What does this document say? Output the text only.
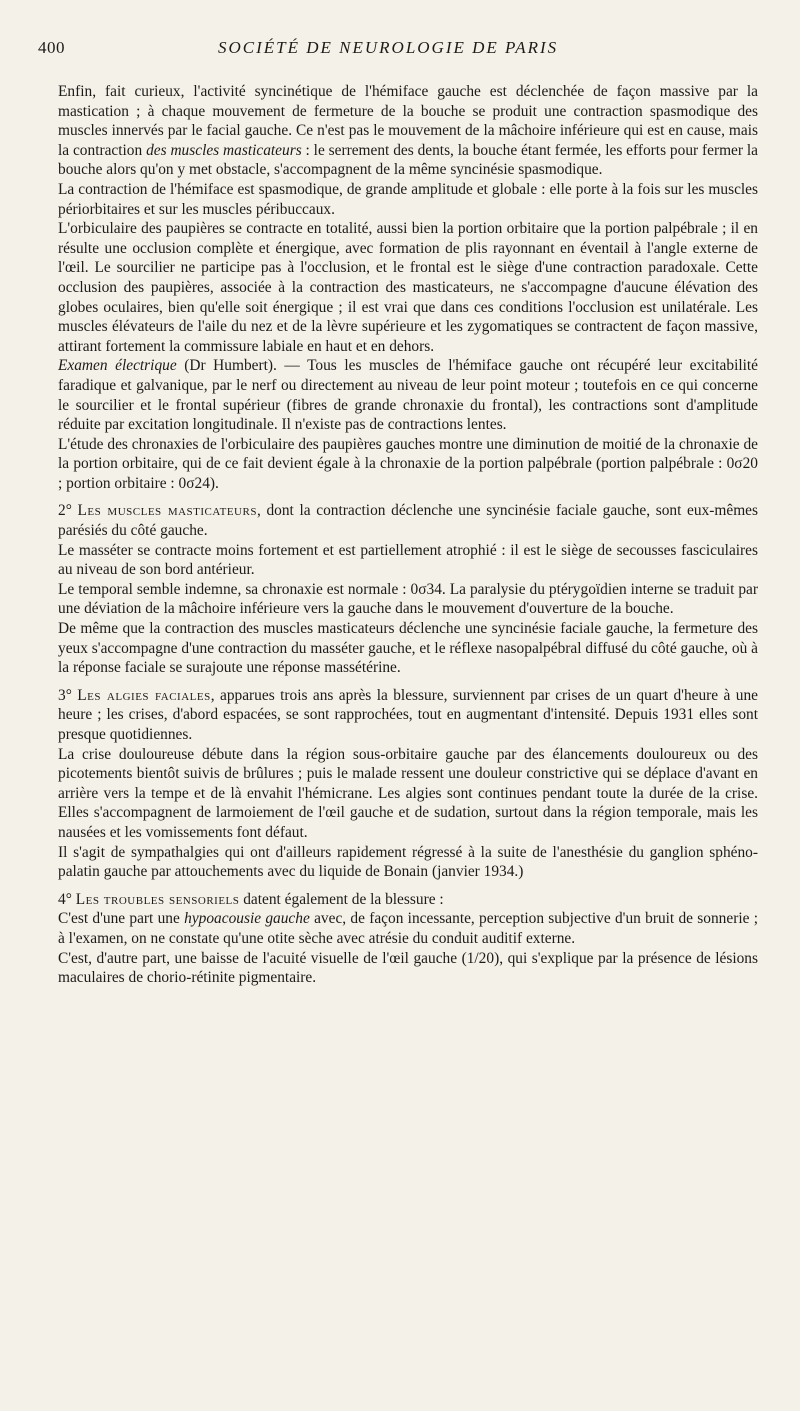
400	SOCIÉTÉ DE NEUROLOGIE DE PARIS

Enfin, fait curieux, l'activité syncinétique de l'hémiface gauche est déclenchée de façon massive par la mastication ; à chaque mouvement de fermeture de la bouche se produit une contraction spasmodique des muscles innervés par le facial gauche. Ce n'est pas le mouvement de la mâchoire inférieure qui est en cause, mais la contraction des muscles masticateurs : le serrement des dents, la bouche étant fermée, les efforts pour fermer la bouche alors qu'on y met obstacle, s'accompagnent de la même syncinésie spasmodique.

La contraction de l'hémiface est spasmodique, de grande amplitude et globale : elle porte à la fois sur les muscles périorbitaires et sur les muscles péribuccaux.

L'orbiculaire des paupières se contracte en totalité, aussi bien la portion orbitaire que la portion palpébrale ; il en résulte une occlusion complète et énergique, avec formation de plis rayonnant en éventail à l'angle externe de l'œil. Le sourcilier ne participe pas à l'occlusion, et le frontal est le siège d'une contraction paradoxale. Cette occlusion des paupières, associée à la contraction des masticateurs, ne s'accompagne d'aucune élévation des globes oculaires, bien qu'elle soit énergique ; il est vrai que dans ces conditions l'occlusion est unilatérale. Les muscles élévateurs de l'aile du nez et de la lèvre supérieure et les zygomatiques se contractent de façon massive, attirant fortement la commissure labiale en haut et en dehors.

Examen électrique (Dr Humbert). — Tous les muscles de l'hémiface gauche ont récupéré leur excitabilité faradique et galvanique, par le nerf ou directement au niveau de leur point moteur ; toutefois en ce qui concerne le sourcilier et le frontal supérieur (fibres de grande chronaxie du frontal), les contractions sont d'amplitude réduite par excitation longitudinale. Il n'existe pas de contractions lentes.

L'étude des chronaxies de l'orbiculaire des paupières gauches montre une diminution de moitié de la chronaxie de la portion orbitaire, qui de ce fait devient égale à la chronaxie de la portion palpébrale (portion palpébrale : 0σ20 ; portion orbitaire : 0σ24).

2° Les muscles masticateurs, dont la contraction déclenche une syncinésie faciale gauche, sont eux-mêmes parésiés du côté gauche.

Le masséter se contracte moins fortement et est partiellement atrophié : il est le siège de secousses fasciculaires au niveau de son bord antérieur.

Le temporal semble indemne, sa chronaxie est normale : 0σ34. La paralysie du ptérygoïdien interne se traduit par une déviation de la mâchoire inférieure vers la gauche dans le mouvement d'ouverture de la bouche.

De même que la contraction des muscles masticateurs déclenche une syncinésie faciale gauche, la fermeture des yeux s'accompagne d'une contraction du masséter gauche, et le réflexe nasopalpébral diffusé du côté gauche, où à la réponse faciale se surajoute une réponse massétérine.

3° Les algies faciales, apparues trois ans après la blessure, surviennent par crises de un quart d'heure à une heure ; les crises, d'abord espacées, se sont rapprochées, tout en augmentant d'intensité. Depuis 1931 elles sont presque quotidiennes.

La crise douloureuse débute dans la région sous-orbitaire gauche par des élancements douloureux ou des picotements bientôt suivis de brûlures ; puis le malade ressent une douleur constrictive qui se déplace d'avant en arrière vers la tempe et de là envahit l'hémicrane. Les algies sont continues pendant toute la durée de la crise. Elles s'accompagnent de larmoiement de l'œil gauche et de sudation, surtout dans la région temporale, mais les nausées et les vomissements font défaut.

Il s'agit de sympathalgies qui ont d'ailleurs rapidement régressé à la suite de l'anesthésie du ganglion sphéno-palatin gauche par attouchements avec du liquide de Bonain (janvier 1934.)

4° Les troubles sensoriels datent également de la blessure :

C'est d'une part une hypoacousie gauche avec, de façon incessante, perception subjective d'un bruit de sonnerie ; à l'examen, on ne constate qu'une otite sèche avec atrésie du conduit auditif externe.

C'est, d'autre part, une baisse de l'acuité visuelle de l'œil gauche (1/20), qui s'explique par la présence de lésions maculaires de chorio-rétinite pigmentaire.
